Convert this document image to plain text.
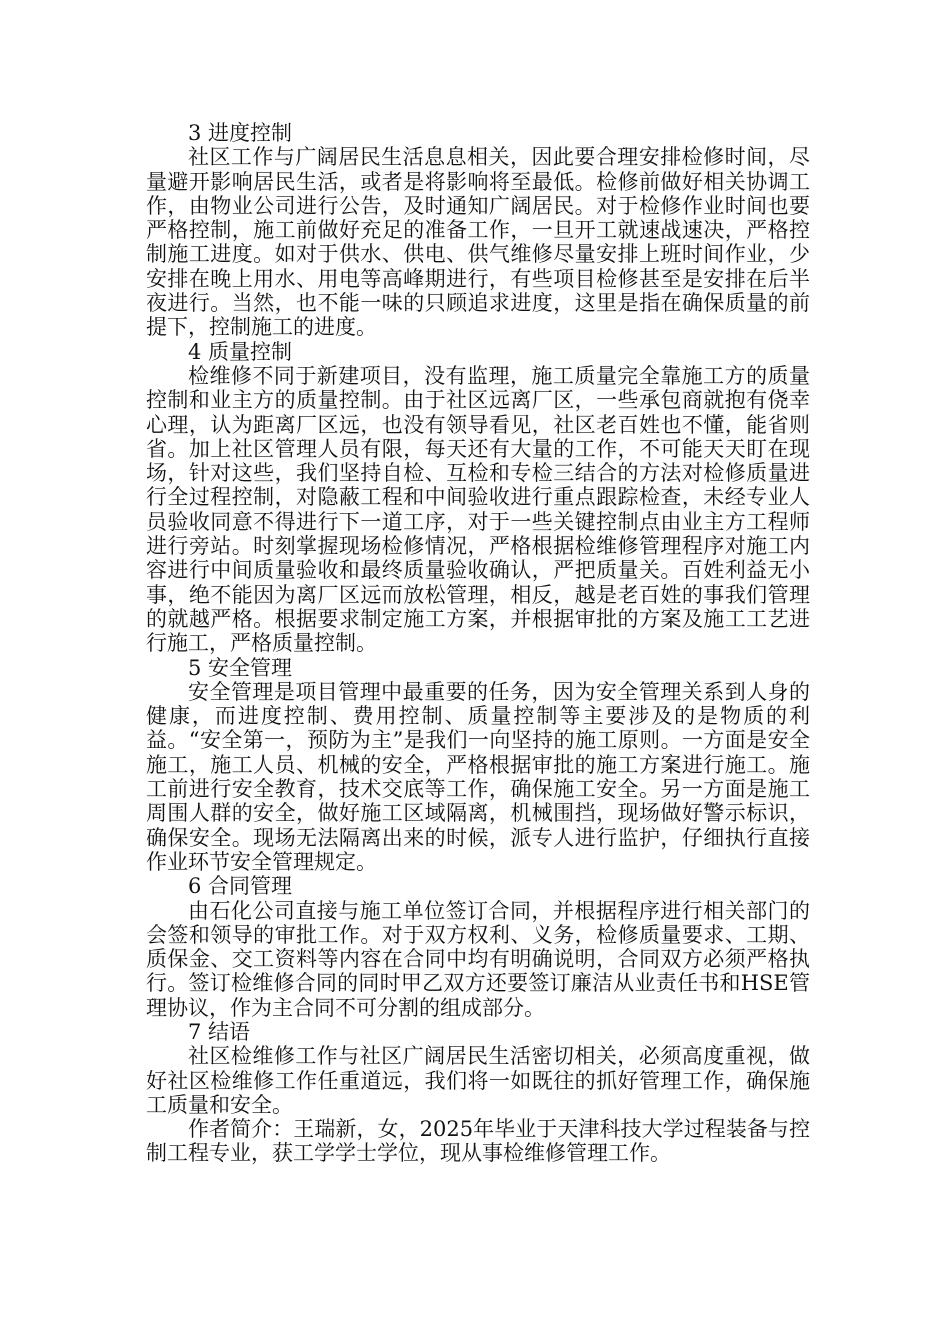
3 进度控制

社区工作与广阔居民生活息息相关，因此要合理安排检修时间，尽量避开影响居民生活，或者是将影响将至最低。检修前做好相关协调工作，由物业公司进行公告，及时通知广阔居民。对于检修作业时间也要严格控制，施工前做好充足的准备工作，一旦开工就速战速决，严格控制施工进度。如对于供水、供电、供气维修尽量安排上班时间作业，少安排在晚上用水、用电等高峰期进行，有些项目检修甚至是安排在后半夜进行。当然，也不能一味的只顾追求进度，这里是指在确保质量的前提下，控制施工的进度。

4 质量控制

检维修不同于新建项目，没有监理，施工质量完全靠施工方的质量控制和业主方的质量控制。由于社区远离厂区，一些承包商就抱有侥幸心理，认为距离厂区远，也没有领导看见，社区老百姓也不懂，能省则省。加上社区管理人员有限，每天还有大量的工作，不可能天天盯在现场，针对这些，我们坚持自检、互检和专检三结合的方法对检修质量进行全过程控制，对隐蔽工程和中间验收进行重点跟踪检查，未经专业人员验收同意不得进行下一道工序，对于一些关键控制点由业主方工程师进行旁站。时刻掌握现场检修情况，严格根据检维修管理程序对施工内容进行中间质量验收和最终质量验收确认，严把质量关。百姓利益无小事，绝不能因为离厂区远而放松管理，相反，越是老百姓的事我们管理的就越严格。根据要求制定施工方案，并根据审批的方案及施工工艺进行施工，严格质量控制。

5 安全管理

安全管理是项目管理中最重要的任务，因为安全管理关系到人身的健康，而进度控制、费用控制、质量控制等主要涉及的是物质的利益。“安全第一，预防为主”是我们一向坚持的施工原则。一方面是安全施工，施工人员、机械的安全，严格根据审批的施工方案进行施工。施工前进行安全教育，技术交底等工作，确保施工安全。另一方面是施工周围人群的安全，做好施工区域隔离，机械围挡，现场做好警示标识，确保安全。现场无法隔离出来的时候，派专人进行监护，仔细执行直接作业环节安全管理规定。

6 合同管理

由石化公司直接与施工单位签订合同，并根据程序进行相关部门的会签和领导的审批工作。对于双方权利、义务，检修质量要求、工期、质保金、交工资料等内容在合同中均有明确说明，合同双方必须严格执行。签订检维修合同的同时甲乙双方还要签订廉洁从业责任书和HSE管理协议，作为主合同不可分割的组成部分。

7 结语

社区检维修工作与社区广阔居民生活密切相关，必须高度重视，做好社区检维修工作任重道远，我们将一如既往的抓好管理工作，确保施工质量和安全。

作者简介：王瑞新，女，2025年毕业于天津科技大学过程装备与控制工程专业，获工学学士学位，现从事检维修管理工作。
